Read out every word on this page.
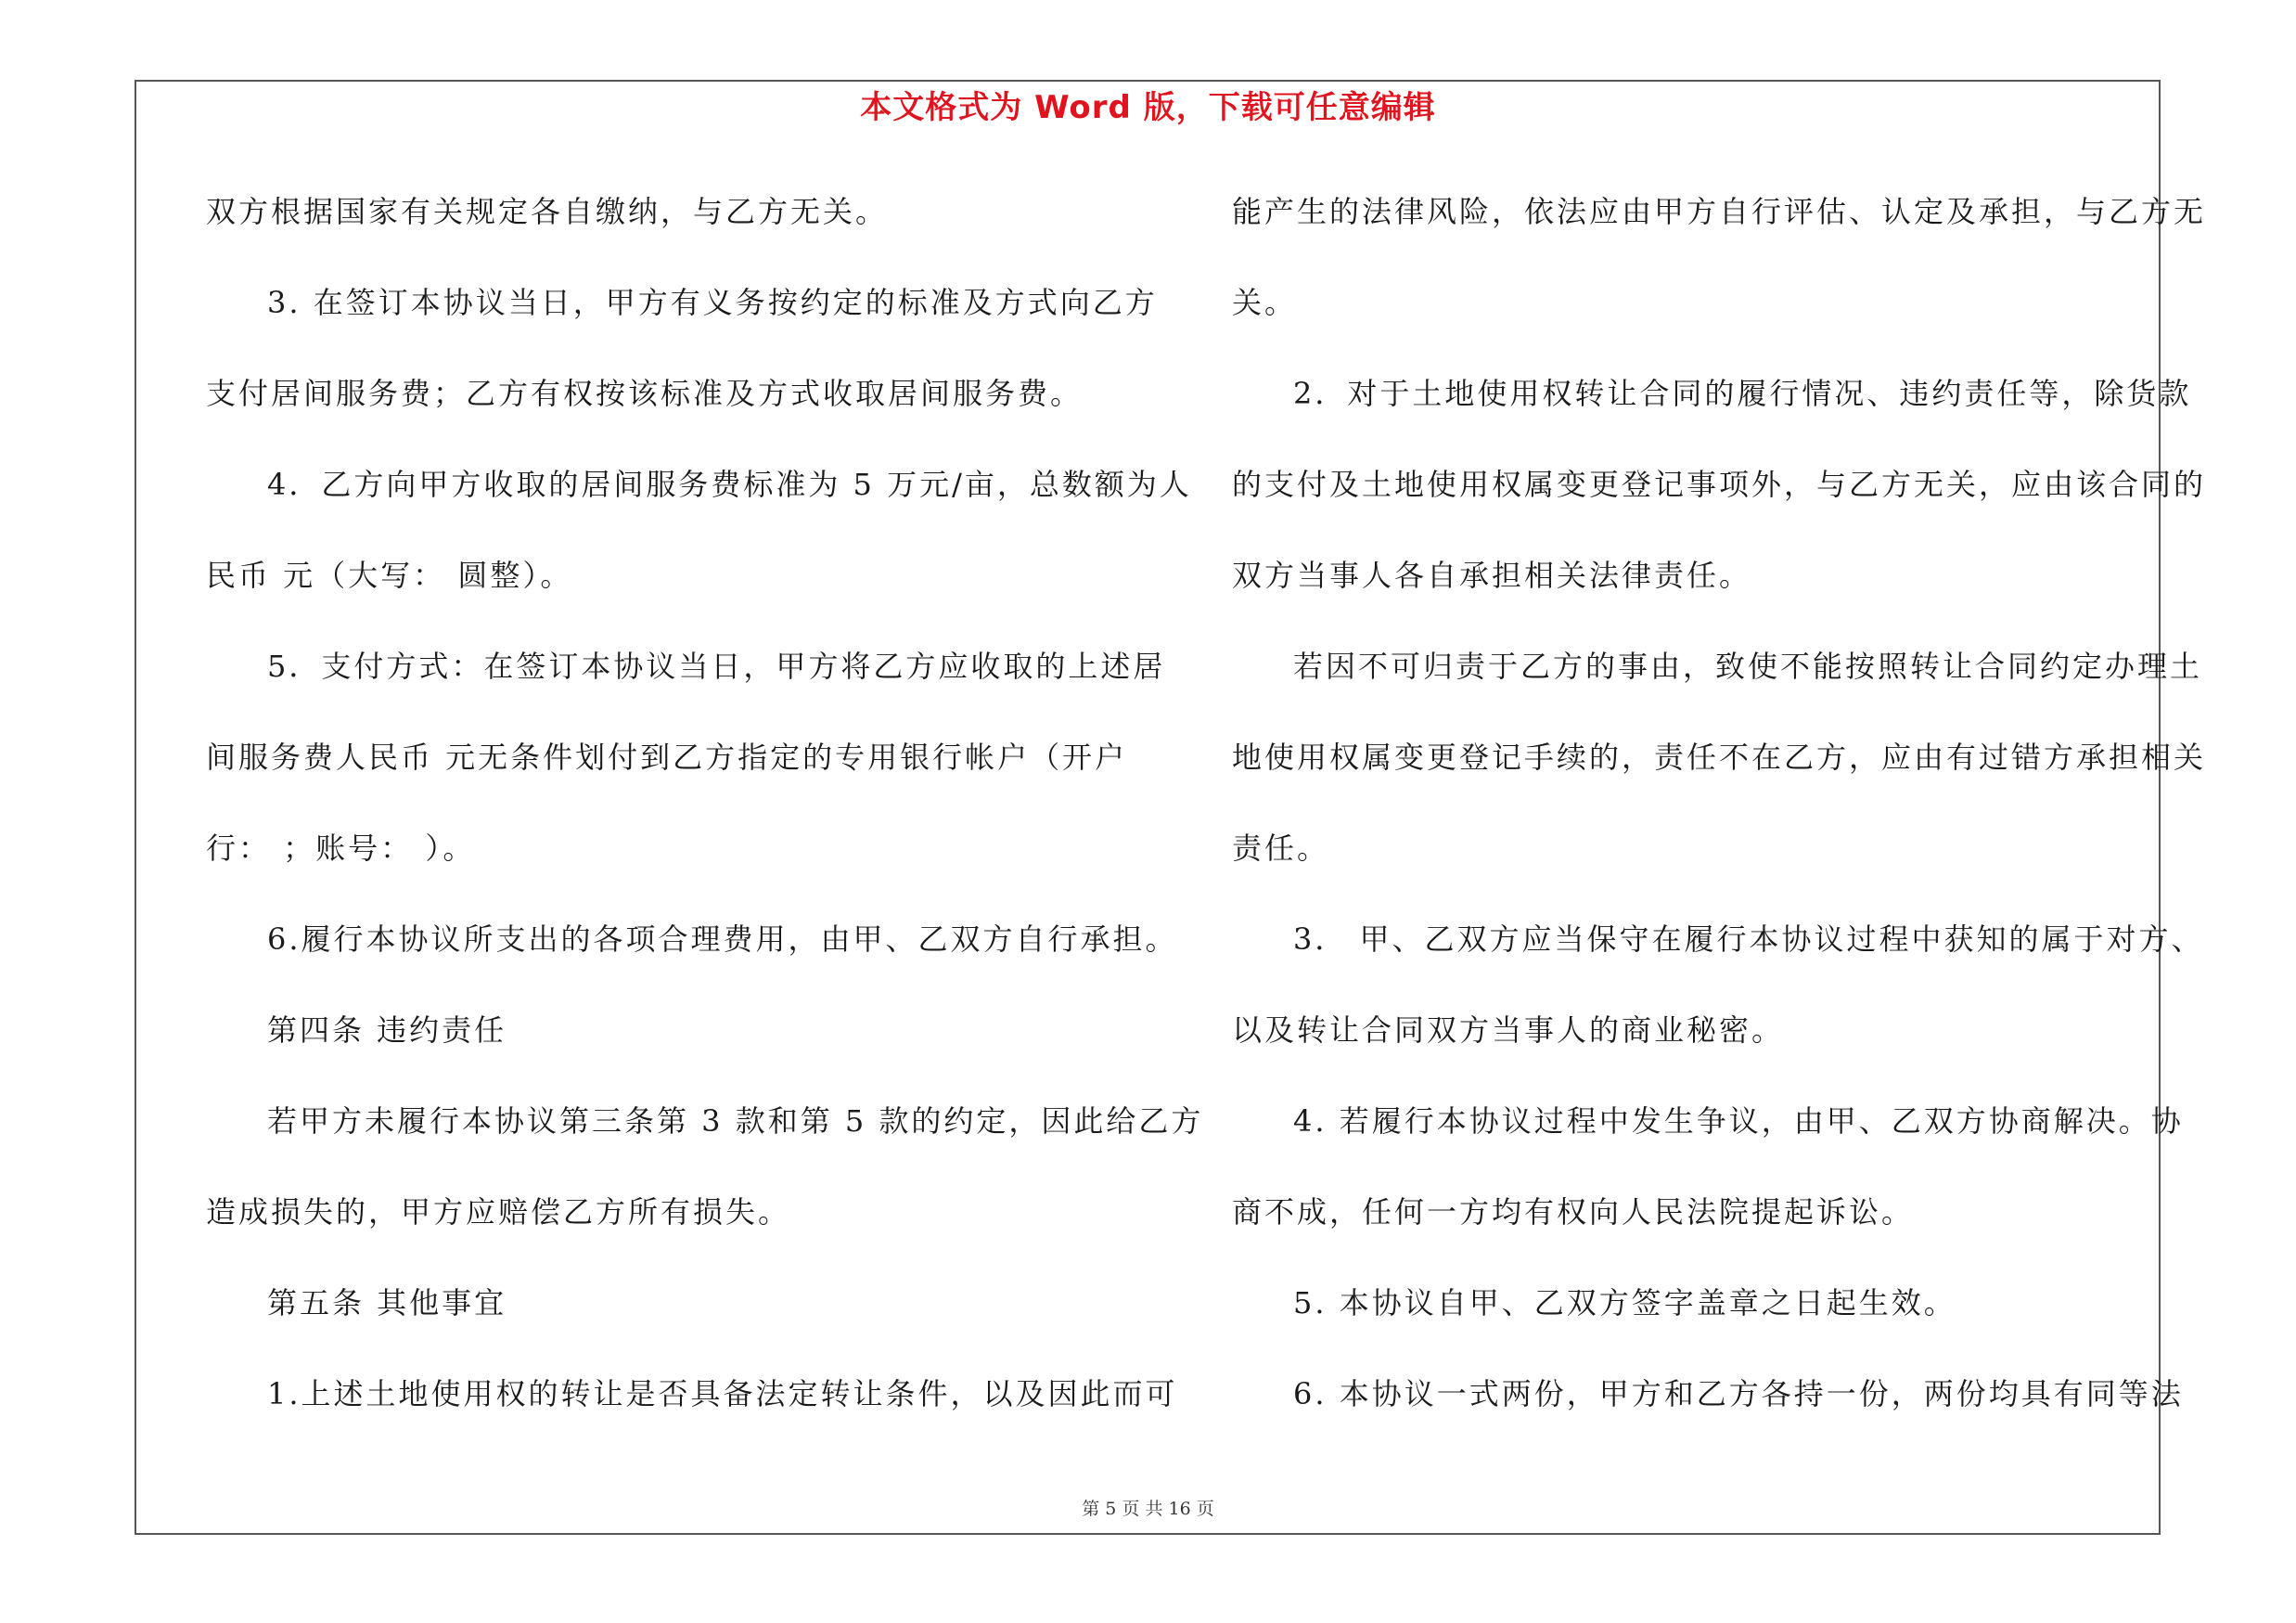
本文格式为 Word 版，下载可任意编辑
双方根据国家有关规定各自缴纳，与乙方无关。
3. 在签订本协议当日，甲方有义务按约定的标准及方式向乙方
支付居间服务费；乙方有权按该标准及方式收取居间服务费。
4．乙方向甲方收取的居间服务费标准为 5 万元/亩，总数额为人
民币 元（大写： 圆整）。
5．支付方式：在签订本协议当日，甲方将乙方应收取的上述居
间服务费人民币 元无条件划付到乙方指定的专用银行帐户（开户
行： ；账号： ）。
6.履行本协议所支出的各项合理费用，由甲、乙双方自行承担。
第四条 违约责任
若甲方未履行本协议第三条第 3 款和第 5 款的约定，因此给乙方
造成损失的，甲方应赔偿乙方所有损失。
第五条 其他事宜
1.上述土地使用权的转让是否具备法定转让条件，以及因此而可
能产生的法律风险，依法应由甲方自行评估、认定及承担，与乙方无
关。
2．对于土地使用权转让合同的履行情况、违约责任等，除货款
的支付及土地使用权属变更登记事项外，与乙方无关，应由该合同的
双方当事人各自承担相关法律责任。
若因不可归责于乙方的事由，致使不能按照转让合同约定办理土
地使用权属变更登记手续的，责任不在乙方，应由有过错方承担相关
责任。
3． 甲、乙双方应当保守在履行本协议过程中获知的属于对方、
以及转让合同双方当事人的商业秘密。
4. 若履行本协议过程中发生争议，由甲、乙双方协商解决。协
商不成，任何一方均有权向人民法院提起诉讼。
5. 本协议自甲、乙双方签字盖章之日起生效。
6. 本协议一式两份，甲方和乙方各持一份，两份均具有同等法
第 5 页 共 16 页
